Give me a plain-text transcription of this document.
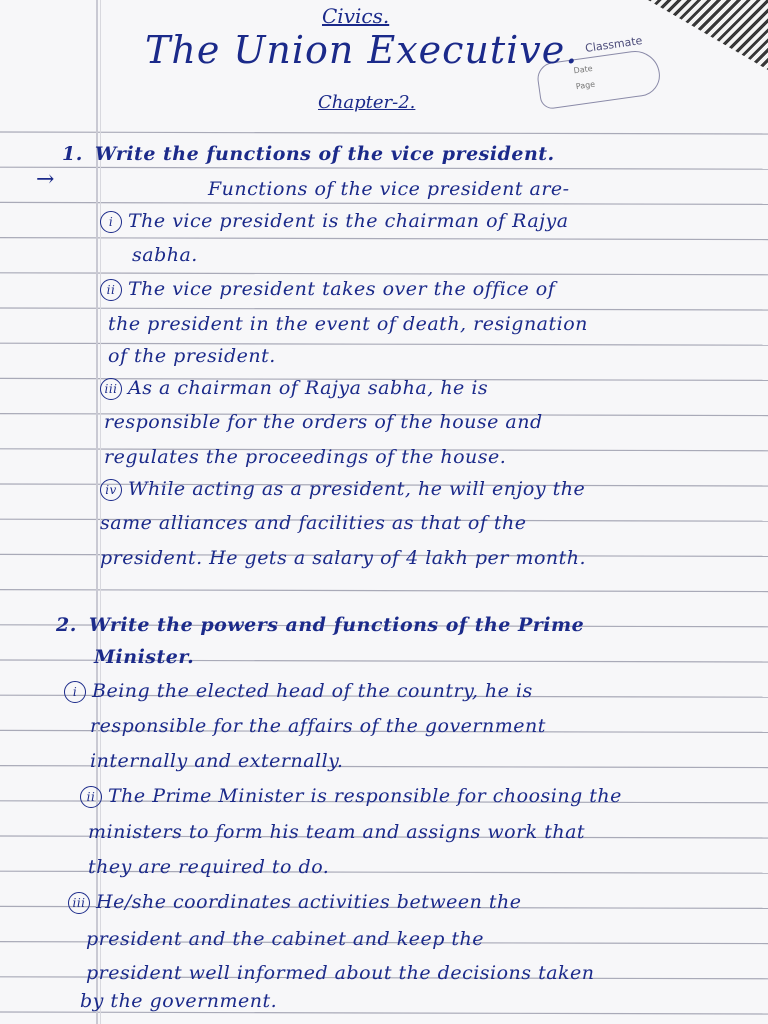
Classmate
Date
Page
Civics.
The Union Executive.
Chapter-2.
1. Write the functions of the vice president.
→	Functions of the vice president are-
i The vice president is the chairman of Rajya
sabha.
ii The vice president takes over the office of
the president in the event of death, resignation
of the president.
iii As a chairman of Rajya sabha, he is
responsible for the orders of the house and
regulates the proceedings of the house.
iv While acting as a president, he will enjoy the
same alliances and facilities as that of the
president. He gets a salary of 4 lakh per month.
2. Write the powers and functions of the Prime
Minister.
i Being the elected head of the country, he is
responsible for the affairs of the government
internally and externally.
ii The Prime Minister is responsible for choosing the
ministers to form his team and assigns work that
they are required to do.
iii He/she coordinates activities between the
president and the cabinet and keep the
president well informed about the decisions taken
by the government.
